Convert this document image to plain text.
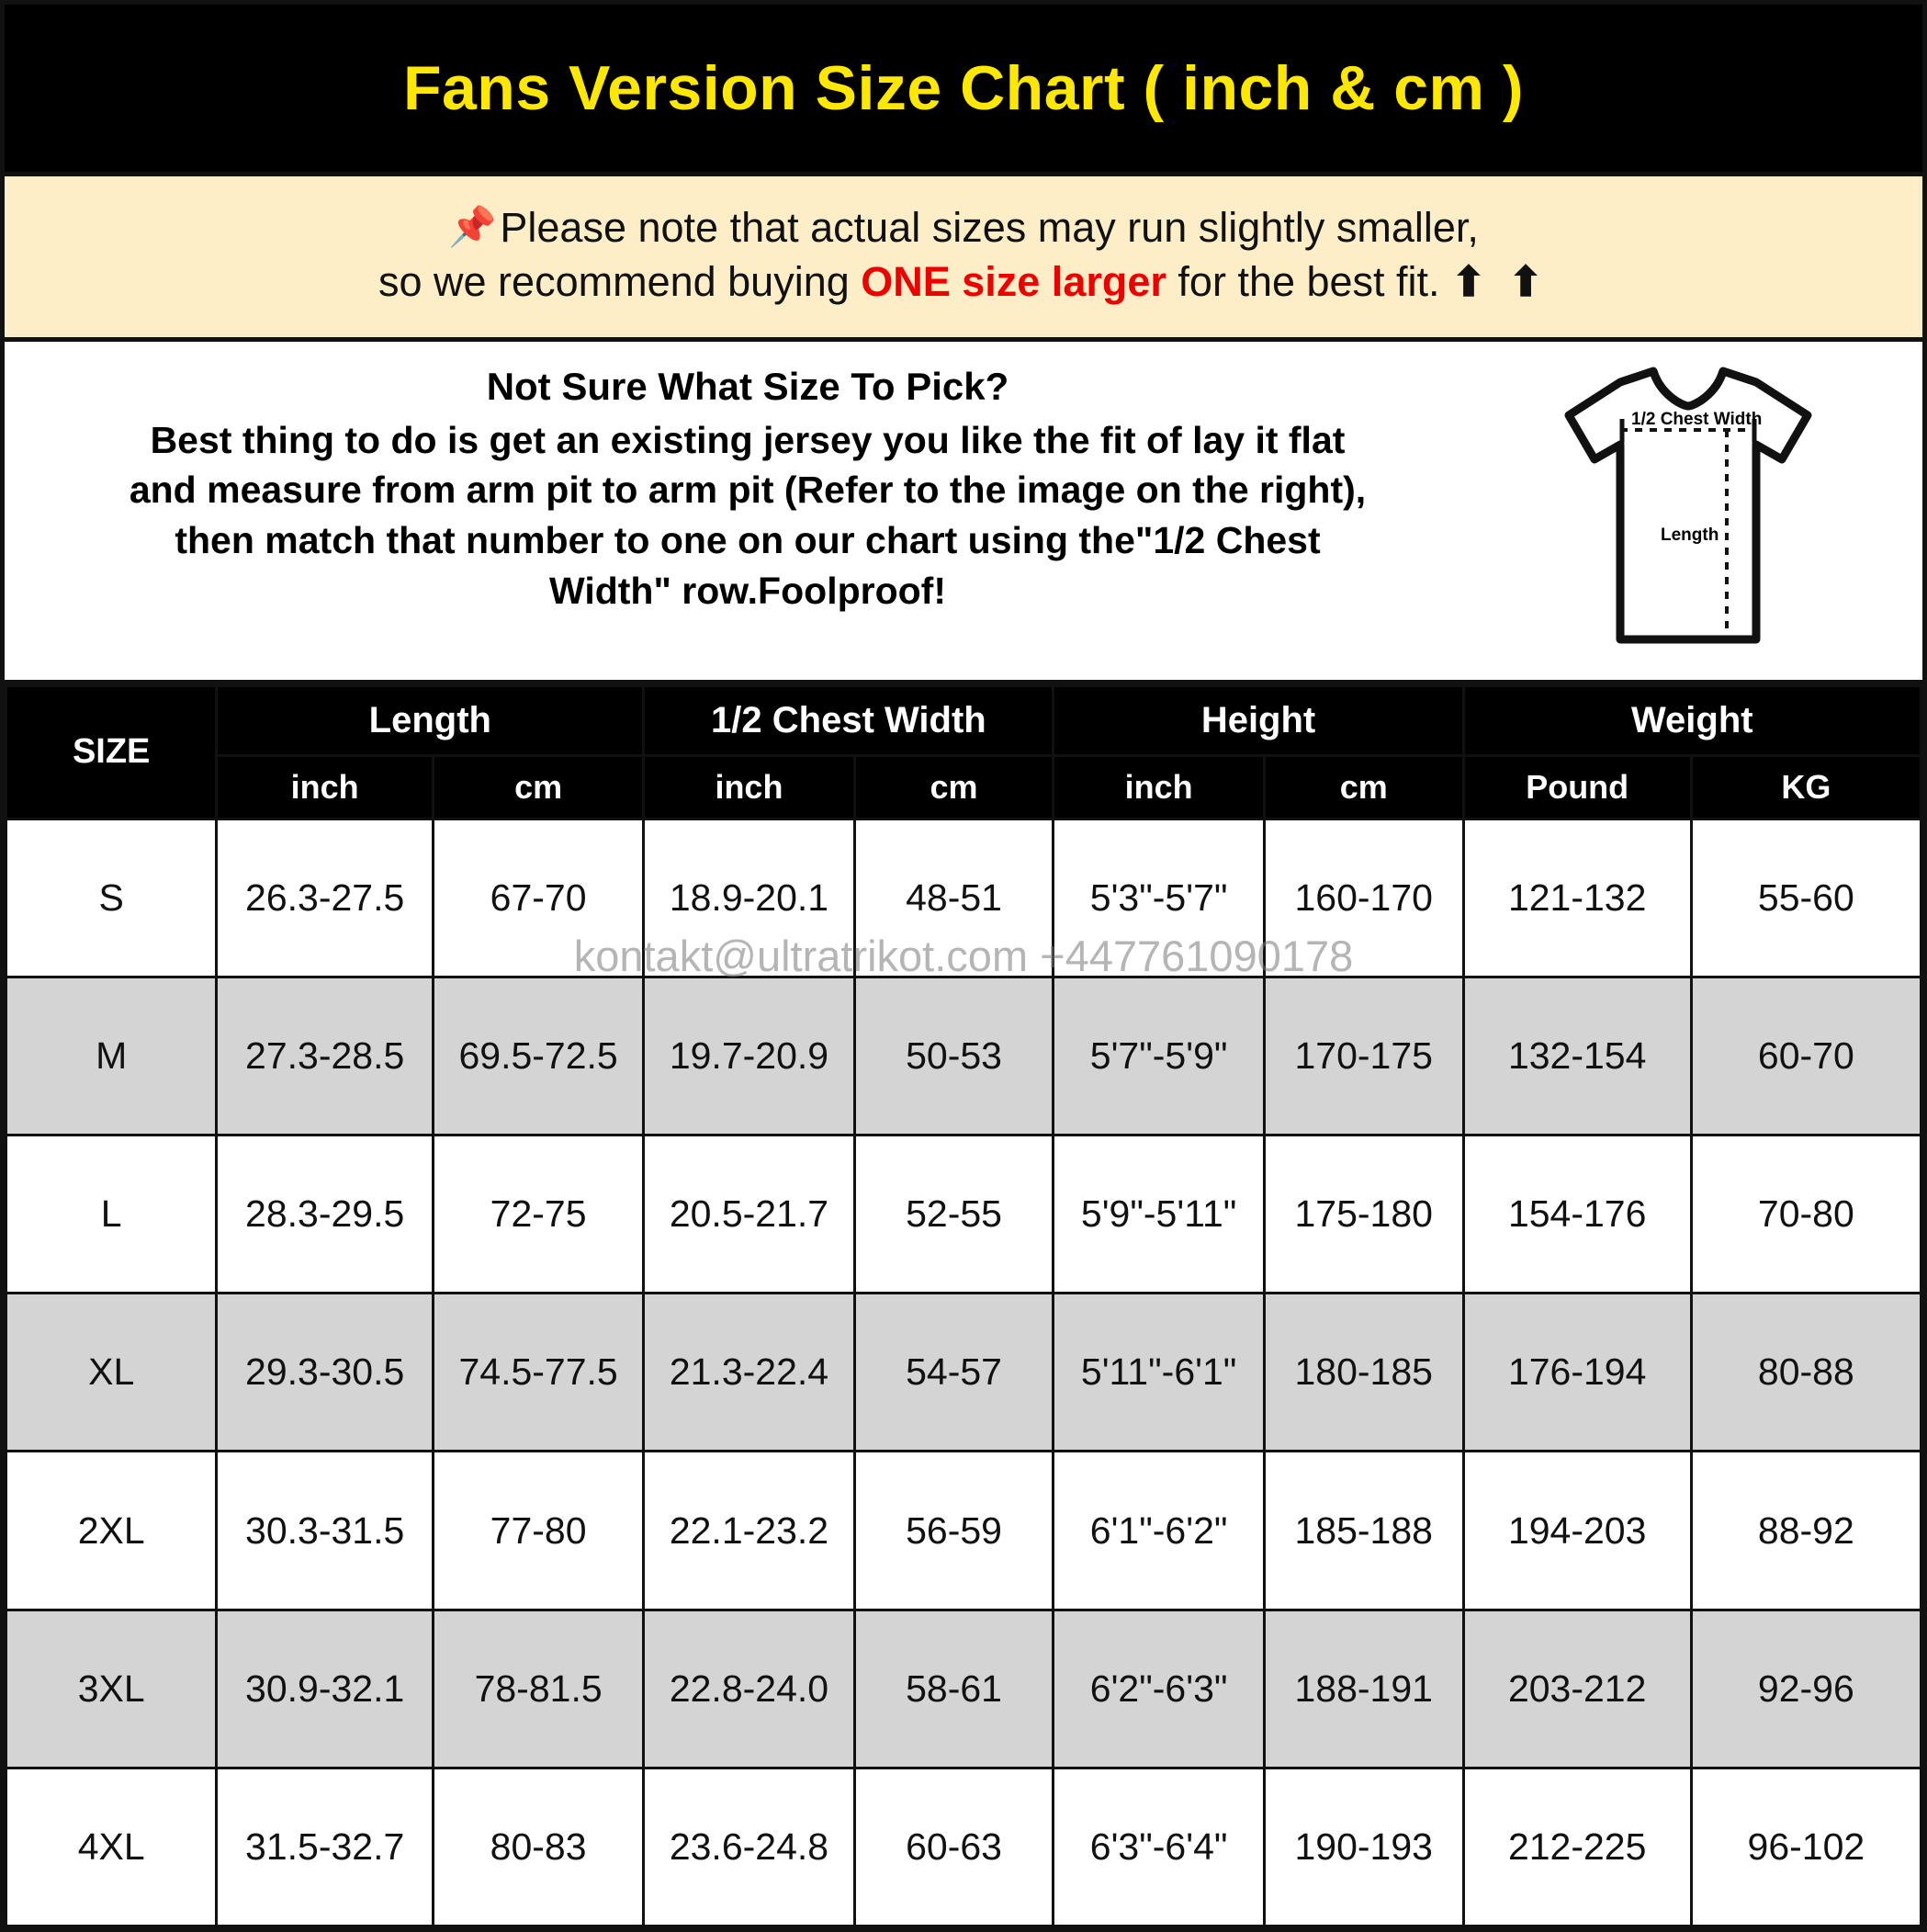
Fans Version Size Chart ( inch & cm )
📌Please note that actual sizes may run slightly smaller,
so we recommend buying ONE size larger for the best fit. ⬆ ⬆
Not Sure What Size To Pick?
Best thing to do is get an existing jersey you like the fit of lay it flat
and measure from arm pit to arm pit (Refer to the image on the right),
then match that number to one on our chart using the"1/2 Chest
Width" row.Foolproof!
1/2 Chest Width
Length
SIZE	Length		1/2 Chest Width		Height		Weight	
	inch	cm	inch	cm	inch	cm	Pound	KG
S	26.3-27.5	67-70	18.9-20.1	48-51	5'3"-5'7"	160-170	121-132	55-60
M	27.3-28.5	69.5-72.5	19.7-20.9	50-53	5'7"-5'9"	170-175	132-154	60-70
L	28.3-29.5	72-75	20.5-21.7	52-55	5'9"-5'11"	175-180	154-176	70-80
XL	29.3-30.5	74.5-77.5	21.3-22.4	54-57	5'11"-6'1"	180-185	176-194	80-88
2XL	30.3-31.5	77-80	22.1-23.2	56-59	6'1"-6'2"	185-188	194-203	88-92
3XL	30.9-32.1	78-81.5	22.8-24.0	58-61	6'2"-6'3"	188-191	203-212	92-96
4XL	31.5-32.7	80-83	23.6-24.8	60-63	6'3"-6'4"	190-193	212-225	96-102
kontakt@ultratrikot.com +447761090178
